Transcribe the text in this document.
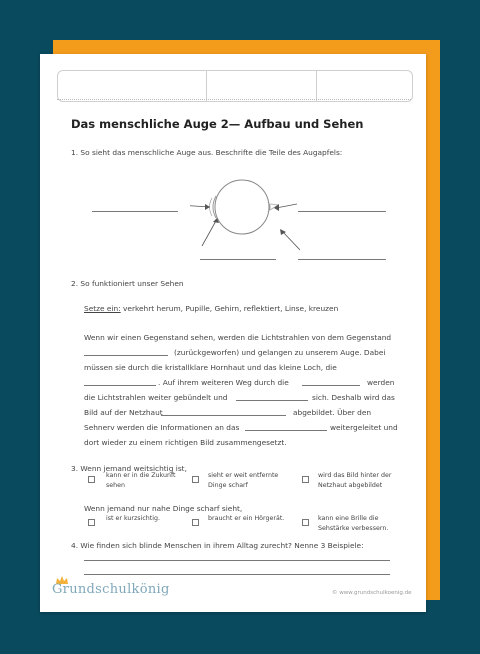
Das menschliche Auge 2— Aufbau und Sehen
1. So sieht das menschliche Auge aus. Beschrifte die Teile des Augapfels:
2. So funktioniert unser Sehen
Setze ein: verkehrt herum, Pupille, Gehirn, reflektiert, Linse, kreuzen
Wenn wir einen Gegenstand sehen, werden die Lichtstrahlen von dem Gegenstand
(zurückgeworfen) und gelangen zu unserem Auge. Dabei
müssen sie durch die kristallklare Hornhaut und das kleine Loch, die
. Auf ihrem weiteren Weg durch die	werden
die Lichtstrahlen weiter gebündelt und	sich. Deshalb wird das
Bild auf der Netzhaut	abgebildet. Über den
Sehnerv werden die Informationen an das	weitergeleitet und
dort wieder zu einem richtigen Bild zusammengesetzt.
3. Wenn jemand weitsichtig ist,
kann er in die Zukunft sehen
sieht er weit entfernte Dinge scharf
wird das Bild hinter der Netzhaut abgebildet
Wenn jemand nur nahe Dinge scharf sieht,
ist er kurzsichtig.	braucht er ein Hörgerät.	kann eine Brille die Sehstärke verbessern.
4. Wie finden sich blinde Menschen in ihrem Alltag zurecht? Nenne 3 Beispiele:
Grundschulkönig	© www.grundschulkoenig.de
